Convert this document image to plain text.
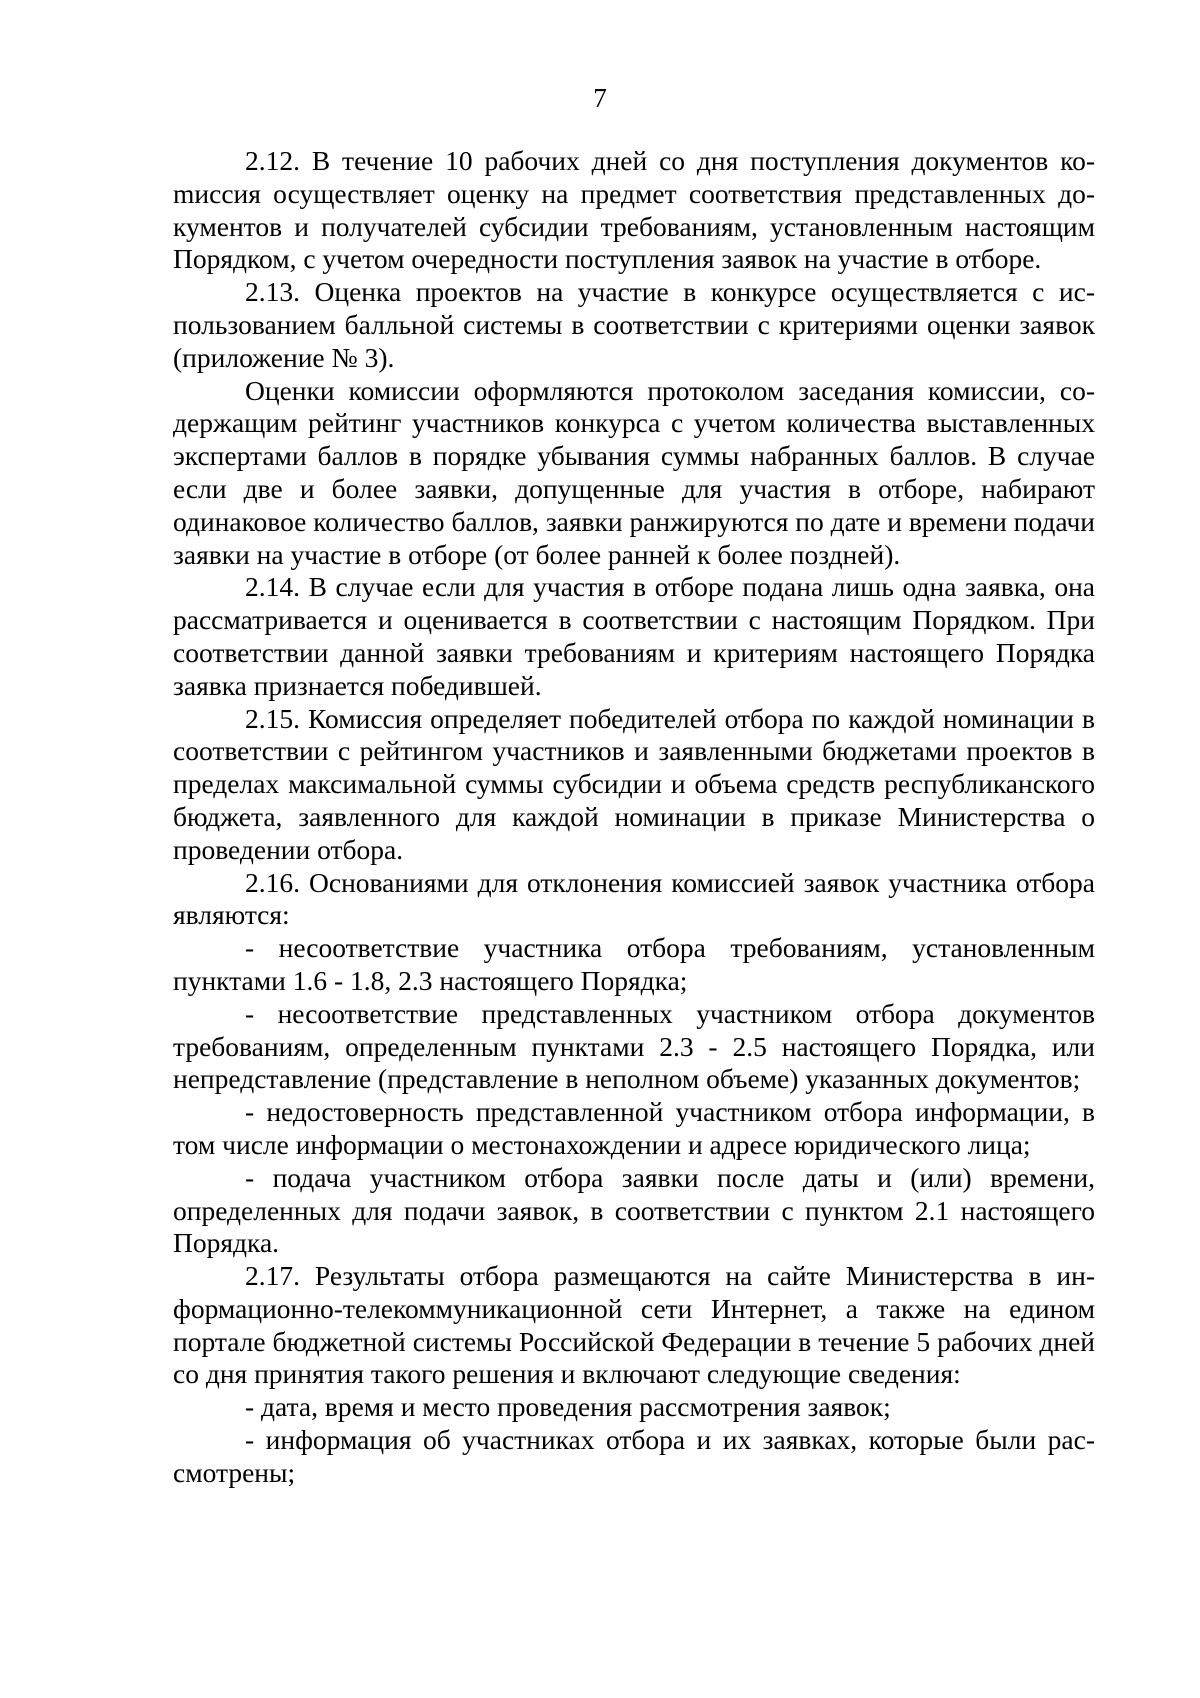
7

2.12. В течение 10 рабочих дней со дня поступления документов коmиссия осуществляет оценку на предмет соответствия представленных документов и получателей субсидии требованиям, установленным настоящим Порядком, с учетом очередности поступления заявок на участие в отборе.

2.13. Оценка проектов на участие в конкурсе осуществляется с использованием балльной системы в соответствии с критериями оценки заявок (приложение № 3).

Оценки комиссии оформляются протоколом заседания комиссии, содержащим рейтинг участников конкурса с учетом количества выставленных экспертами баллов в порядке убывания суммы набранных баллов. В случае если две и более заявки, допущенные для участия в отборе, набирают одинаковое количество баллов, заявки ранжируются по дате и времени подачи заявки на участие в отборе (от более ранней к более поздней).

2.14. В случае если для участия в отборе подана лишь одна заявка, она рассматривается и оценивается в соответствии с настоящим Порядком. При соответствии данной заявки требованиям и критериям настоящего Порядка заявка признается победившей.

2.15. Комиссия определяет победителей отбора по каждой номинации в соответствии с рейтингом участников и заявленными бюджетами проектов в пределах максимальной суммы субсидии и объема средств республиканского бюджета, заявленного для каждой номинации в приказе Министерства о проведении отбора.

2.16. Основаниями для отклонения комиссией заявок участника отбора являются:

- несоответствие участника отбора требованиям, установленным пунктами 1.6 - 1.8, 2.3 настоящего Порядка;

- несоответствие представленных участником отбора документов требованиям, определенным пунктами 2.3 - 2.5 настоящего Порядка, или непредставление (представление в неполном объеме) указанных документов;

- недостоверность представленной участником отбора информации, в том числе информации о местонахождении и адресе юридического лица;

- подача участником отбора заявки после даты и (или) времени, определенных для подачи заявок, в соответствии с пунктом 2.1 настоящего Порядка.

2.17. Результаты отбора размещаются на сайте Министерства в информационно-телекоммуникационной сети Интернет, а также на едином портале бюджетной системы Российской Федерации в течение 5 рабочих дней со дня принятия такого решения и включают следующие сведения:

- дата, время и место проведения рассмотрения заявок;

- информация об участниках отбора и их заявках, которые были рассмотрены;
